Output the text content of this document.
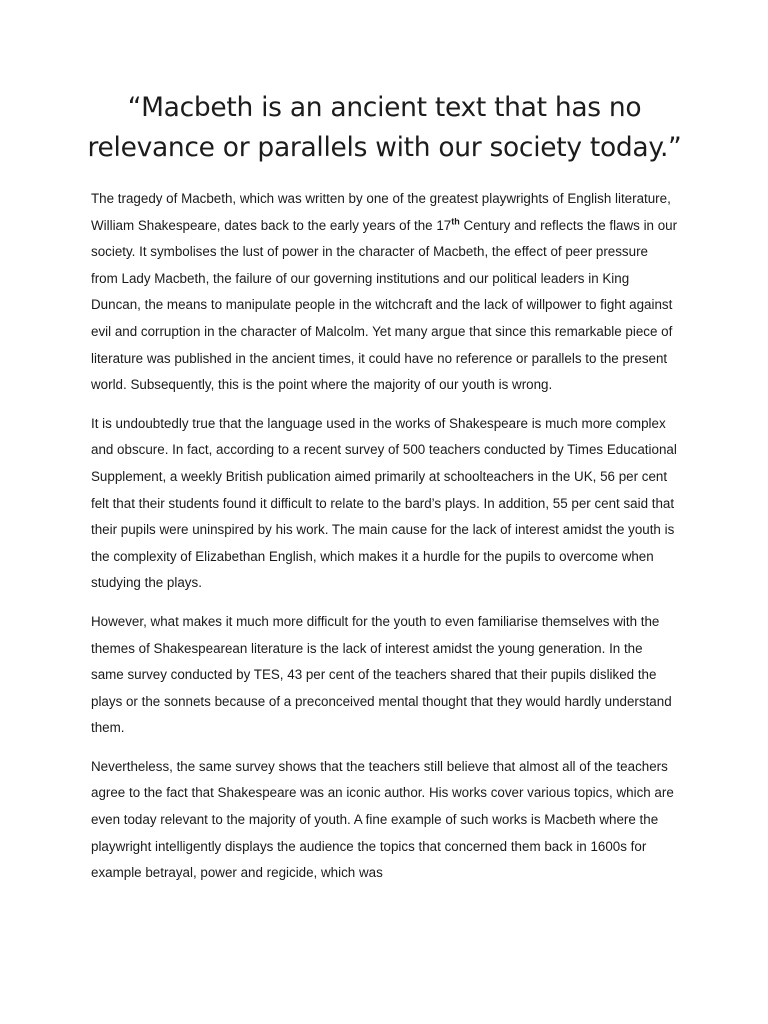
“Macbeth is an ancient text that has no relevance or parallels with our society today.”

The tragedy of Macbeth, which was written by one of the greatest playwrights of English literature, William Shakespeare, dates back to the early years of the 17th Century and reflects the flaws in our society. It symbolises the lust of power in the character of Macbeth, the effect of peer pressure from Lady Macbeth, the failure of our governing institutions and our political leaders in King Duncan, the means to manipulate people in the witchcraft and the lack of willpower to fight against evil and corruption in the character of Malcolm. Yet many argue that since this remarkable piece of literature was published in the ancient times, it could have no reference or parallels to the present world. Subsequently, this is the point where the majority of our youth is wrong.

It is undoubtedly true that the language used in the works of Shakespeare is much more complex and obscure. In fact, according to a recent survey of 500 teachers conducted by Times Educational Supplement, a weekly British publication aimed primarily at schoolteachers in the UK, 56 per cent felt that their students found it difficult to relate to the bard’s plays. In addition, 55 per cent said that their pupils were uninspired by his work. The main cause for the lack of interest amidst the youth is the complexity of Elizabethan English, which makes it a hurdle for the pupils to overcome when studying the plays.

However, what makes it much more difficult for the youth to even familiarise themselves with the themes of Shakespearean literature is the lack of interest amidst the young generation. In the same survey conducted by TES, 43 per cent of the teachers shared that their pupils disliked the plays or the sonnets because of a preconceived mental thought that they would hardly understand them.

Nevertheless, the same survey shows that the teachers still believe that almost all of the teachers agree to the fact that Shakespeare was an iconic author. His works cover various topics, which are even today relevant to the majority of youth. A fine example of such works is Macbeth where the playwright intelligently displays the audience the topics that concerned them back in 1600s for example betrayal, power and regicide, which was
